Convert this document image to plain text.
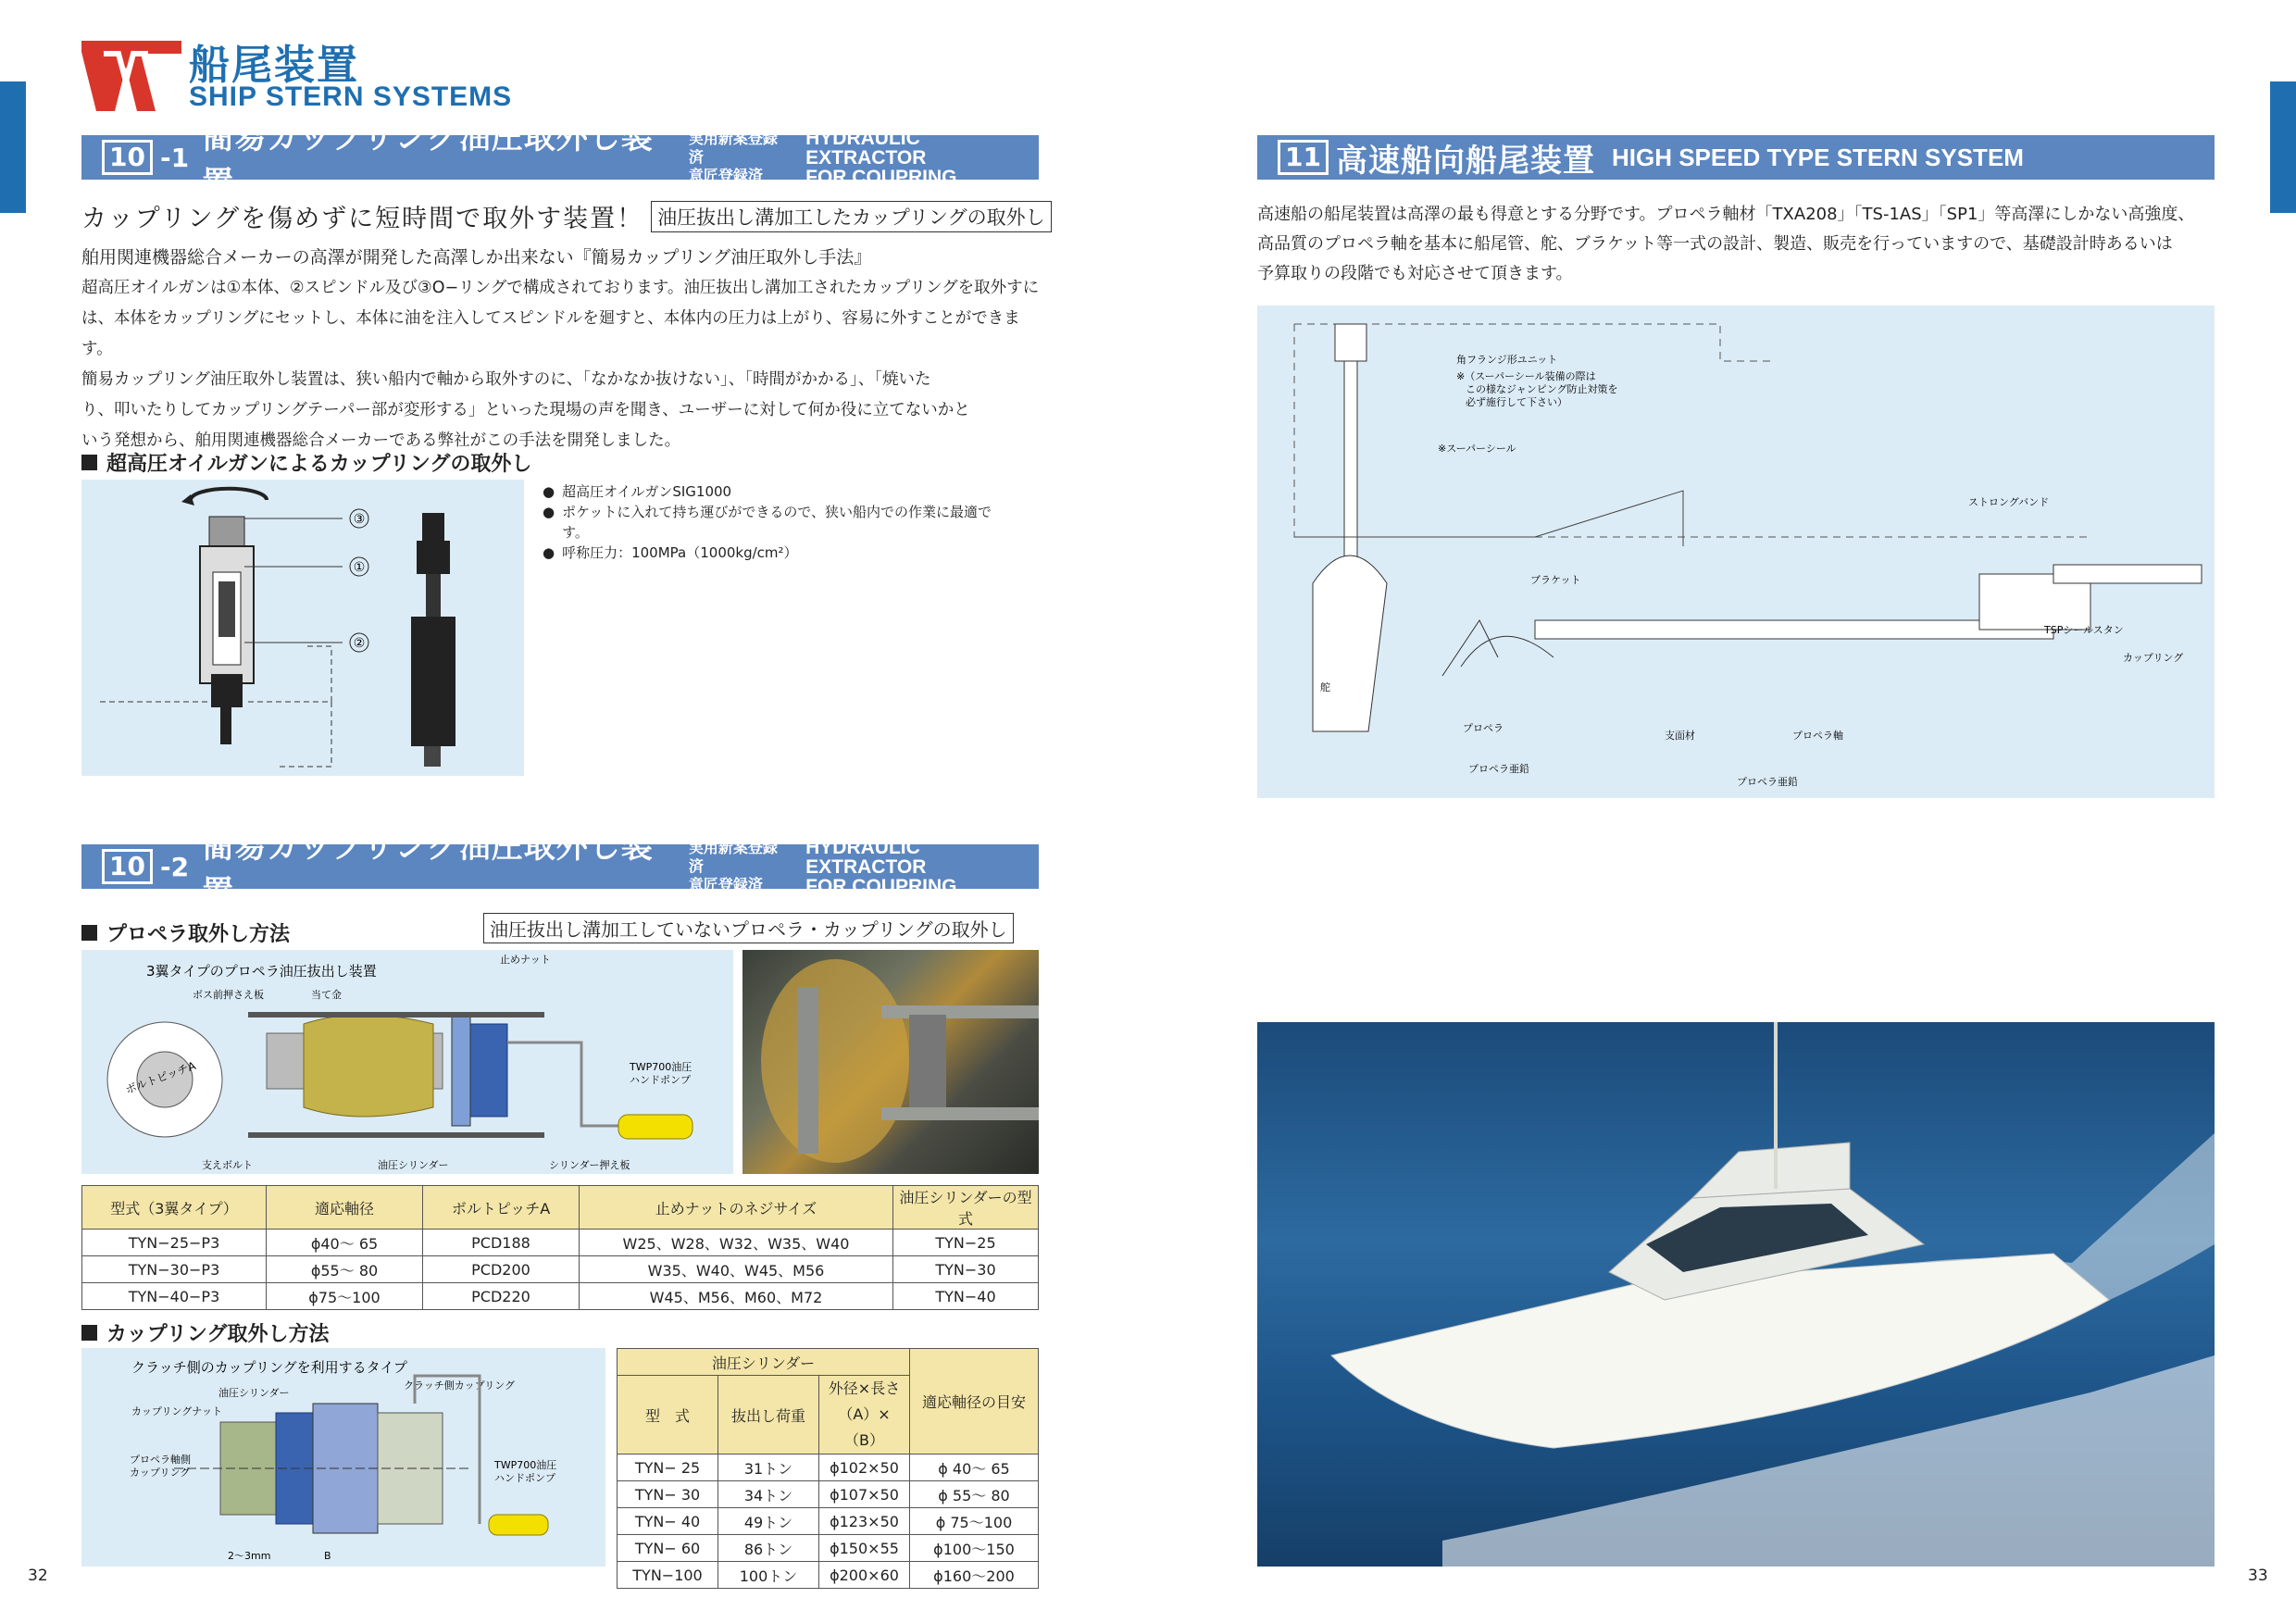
船尾装置
SHIP STERN SYSTEMS
10 -1
簡易カップリング油圧取外し装置
実用新案登録済
意匠登録済
HYDRAULIC EXTRACTOR
FOR COUPRING
カップリングを傷めずに短時間で取外す装置！ 油圧抜出し溝加工したカップリングの取外し
舶用関連機器総合メーカーの高澤が開発した高澤しか出来ない『簡易カップリング油圧取外し手法』
超高圧オイルガンは①本体、②スピンドル及び③O−リングで構成されております。油圧抜出し溝加工されたカップリングを取外すに
は、本体をカップリングにセットし、本体に油を注入してスピンドルを廻すと、本体内の圧力は上がり、容易に外すことができます。
簡易カップリング油圧取外し装置は、狭い船内で軸から取外すのに、「なかなか抜けない」、「時間がかかる」、「焼いた
り、叩いたりしてカップリングテーパー部が変形する」といった現場の声を聞き、ユーザーに対して何か役に立てないかと
いう発想から、舶用関連機器総合メーカーである弊社がこの手法を開発しました。
超高圧オイルガンによるカップリングの取外し
③
①
②
● 超高圧オイルガンSIG1000
● ポケットに入れて持ち運びができるので、狭い船内での作業に最適です。
● 呼称圧力：100MPa（1000kg/cm²）
10 -2
簡易カップリング油圧取外し装置
実用新案登録済
意匠登録済
HYDRAULIC EXTRACTOR
FOR COUPRING
プロペラ取外し方法	油圧抜出し溝加工していないプロペラ・カップリングの取外し
3翼タイプのプロペラ油圧抜出し装置
止めナット
ボス前押さえ板	当て金
ボルトピッチA	TWP700油圧
ハンドポンプ
支えボルト	油圧シリンダー	シリンダー押え板
型式（3翼タイプ）	適応軸径	ボルトピッチA	止めナットのネジサイズ	油圧シリンダーの型式
TYN−25−P3	ϕ40〜 65	PCD188	W25、W28、W32、W35、W40	TYN−25
TYN−30−P3	ϕ55〜 80	PCD200	W35、W40、W45、M56	TYN−30
TYN−40−P3	ϕ75〜100	PCD220	W45、M56、M60、M72	TYN−40
カップリング取外し方法
クラッチ側のカップリングを利用するタイプ
油圧シリンダー
クラッチ側カップリング
カップリングナット
プロペラ軸側
カップリング
TWP700油圧
ハンドポンプ
2〜3mm	B
油圧シリンダー			適応軸径の目安
型　式	抜出し荷重	外径×長さ
（A）×（B）	

TYN− 25	31トン	ϕ102×50	ϕ 40〜 65
TYN− 30	34トン	ϕ107×50	ϕ 55〜 80
TYN− 40	49トン	ϕ123×50	ϕ 75〜100
TYN− 60	86トン	ϕ150×55	ϕ100〜150
TYN−100	100トン	ϕ200×60	ϕ160〜200
11 高速船向船尾装置 HIGH SPEED TYPE STERN SYSTEM
高速船の船尾装置は高澤の最も得意とする分野です。プロペラ軸材「TXA208」「TS-1AS」「SP1」等高澤にしかない高強度、
高品質のプロペラ軸を基本に船尾管、舵、ブラケット等一式の設計、製造、販売を行っていますので、基礎設計時あるいは
予算取りの段階でも対応させて頂きます。
角フランジ形ユニット
※（スーパーシール装備の際は
この様なジャンピング防止対策を
必ず施行して下さい）
※スーパーシール
ストロングバンド
ブラケット
TSPシールスタン
カップリング
舵
プロペラ
支面材	プロペラ軸
プロペラ亜鉛
プロペラ亜鉛
32	33
